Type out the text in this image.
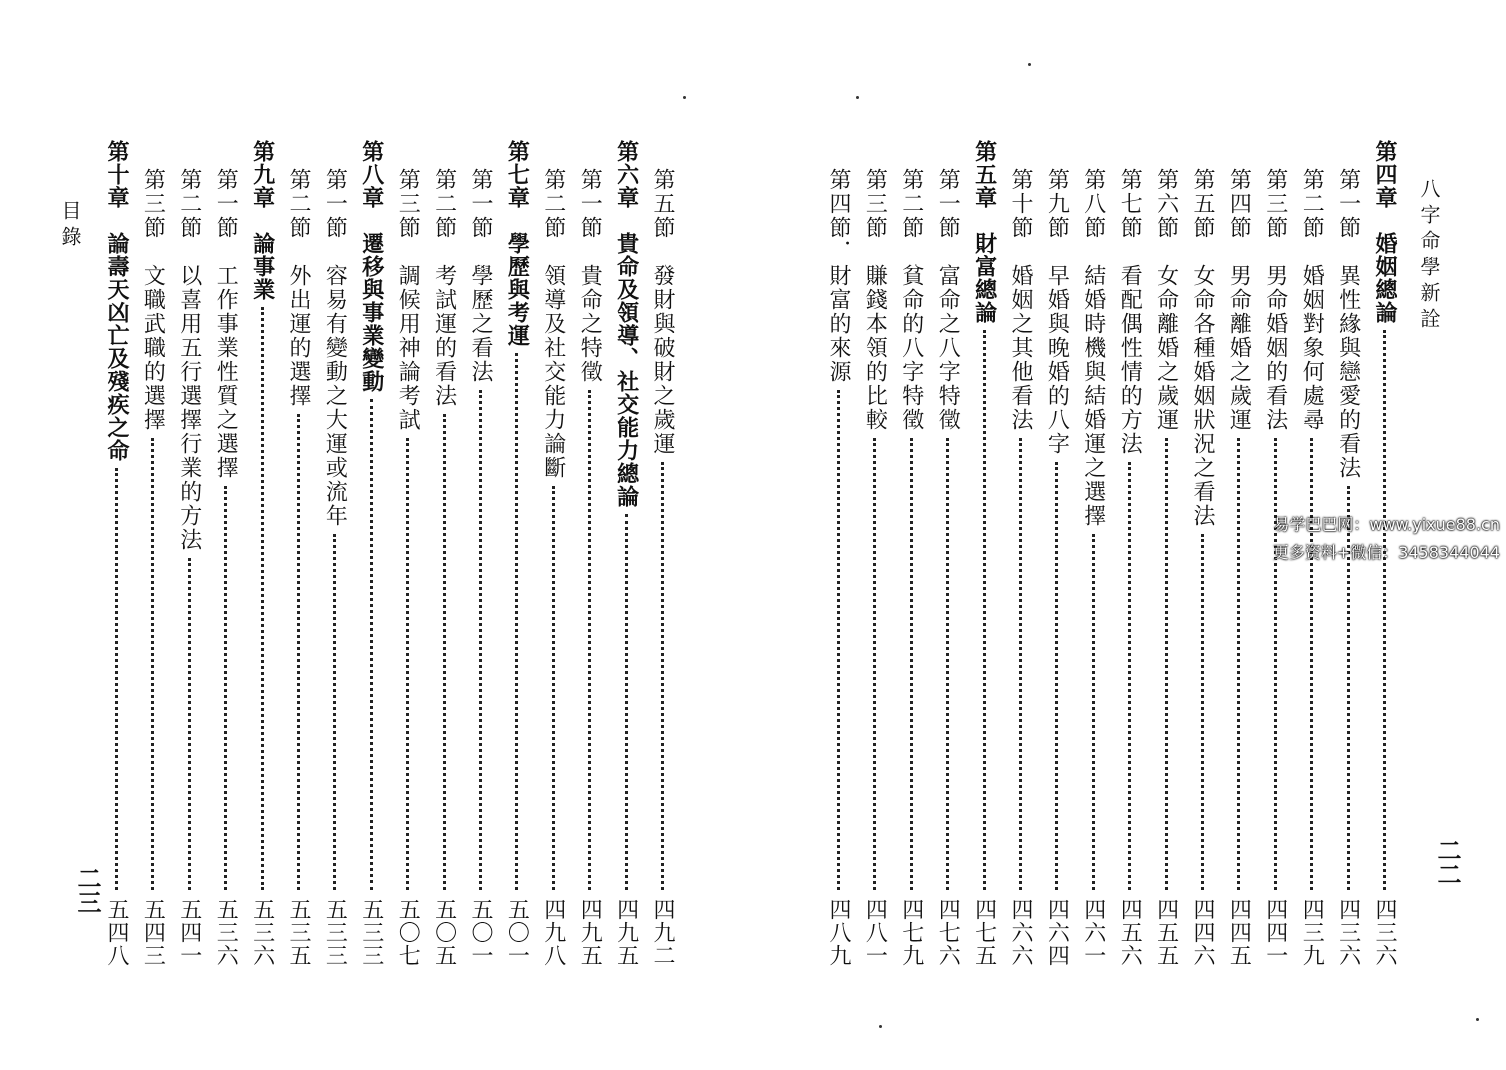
八字命學新詮
二二
第四章　婚姻總論
四三六
第一節　異性緣與戀愛的看法
四三六
第二節　婚姻對象何處尋
四三九
第三節　男命婚姻的看法
四四一
第四節　男命離婚之歲運
四四五
第五節　女命各種婚姻狀況之看法
四四六
第六節　女命離婚之歲運
四五五
第七節　看配偶性情的方法
四五六
第八節　結婚時機與結婚運之選擇
四六一
第九節　早婚與晚婚的八字
四六四
第十節　婚姻之其他看法
四六六
第五章　財富總論
四七五
第一節　富命之八字特徵
四七六
第二節　貧命的八字特徵
四七九
第三節　賺錢本領的比較
四八一
第四節．財富的來源
四八九
目錄
二三
第五節　發財與破財之歲運
四九二
第六章　貴命及領導、社交能力總論
四九五
第一節　貴命之特徵
四九五
第二節　領導及社交能力論斷
四九八
第七章　學歷與考運
五〇一
第一節　學歷之看法
五〇一
第二節　考試運的看法
五〇五
第三節　調候用神論考試
五〇七
第八章　遷移與事業變動
五三三
第一節　容易有變動之大運或流年
五三三
第二節　外出運的選擇
五三五
第九章　論事業
五三六
第一節　工作事業性質之選擇
五三六
第二節　以喜用五行選擇行業的方法
五四一
第三節　文職武職的選擇
五四三
第十章　論壽天凶亡及殘疾之命
五四八
易学巴巴网：www.yixue88.cn
更多资料+微信：3458344044
